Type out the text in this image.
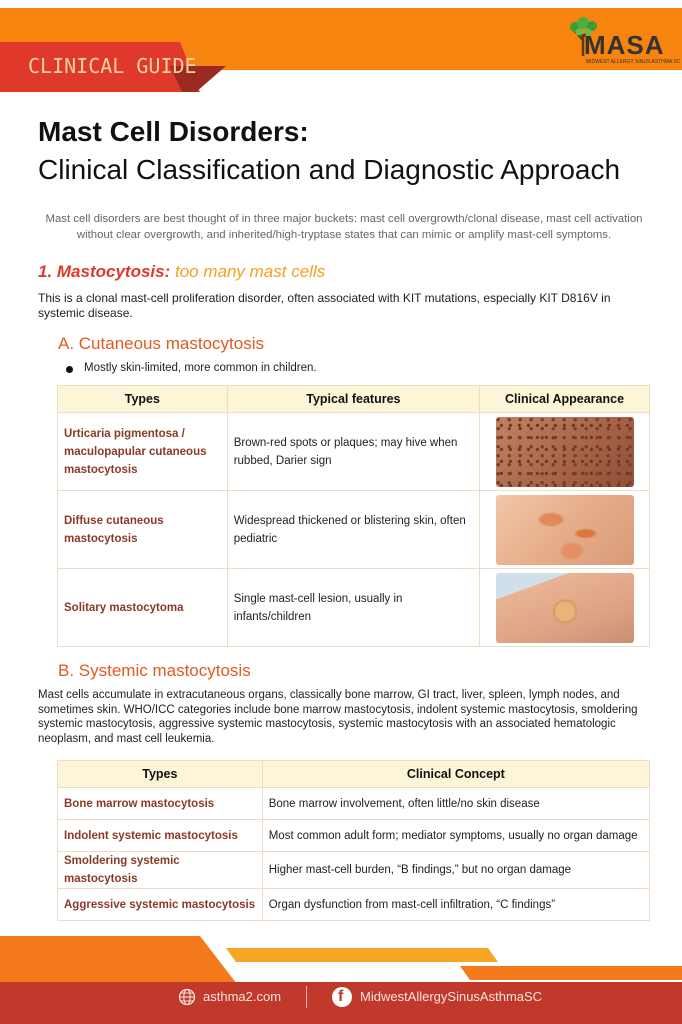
CLINICAL GUIDE
MASA
MIDWEST ALLERGY SINUS ASTHMA SC
Mast Cell Disorders:
Clinical Classification and Diagnostic Approach
Mast cell disorders are best thought of in three major buckets: mast cell overgrowth/clonal disease, mast cell activation without clear overgrowth, and inherited/high-tryptase states that can mimic or amplify mast-cell symptoms.
1. Mastocytosis: too many mast cells
This is a clonal mast-cell proliferation disorder, often associated with KIT mutations, especially KIT D816V in systemic disease.
A. Cutaneous mastocytosis
Mostly skin-limited, more common in children.
Types	Typical features	Clinical Appearance
Urticaria pigmentosa / maculopapular cutaneous mastocytosis	Brown-red spots or plaques; may hive when rubbed, Darier sign	

Diffuse cutaneous mastocytosis	Widespread thickened or blistering skin, often pediatric	

Solitary mastocytoma	Single mast-cell lesion, usually in infants/children	
B. Systemic mastocytosis
Mast cells accumulate in extracutaneous organs, classically bone marrow, GI tract, liver, spleen, lymph nodes, and sometimes skin. WHO/ICC categories include bone marrow mastocytosis, indolent systemic mastocytosis, smoldering systemic mastocytosis, aggressive systemic mastocytosis, systemic mastocytosis with an associated hematologic neoplasm, and mast cell leukemia.
Types	Clinical Concept
Bone marrow mastocytosis	Bone marrow involvement, often little/no skin disease
Indolent systemic mastocytosis	Most common adult form; mediator symptoms, usually no organ damage
Smoldering systemic mastocytosis	Higher mast-cell burden, “B findings,” but no organ damage
Aggressive systemic mastocytosis	Organ dysfunction from mast-cell infiltration, “C findings”
asthma2.com	f MidwestAllergySinusAsthmaSC
